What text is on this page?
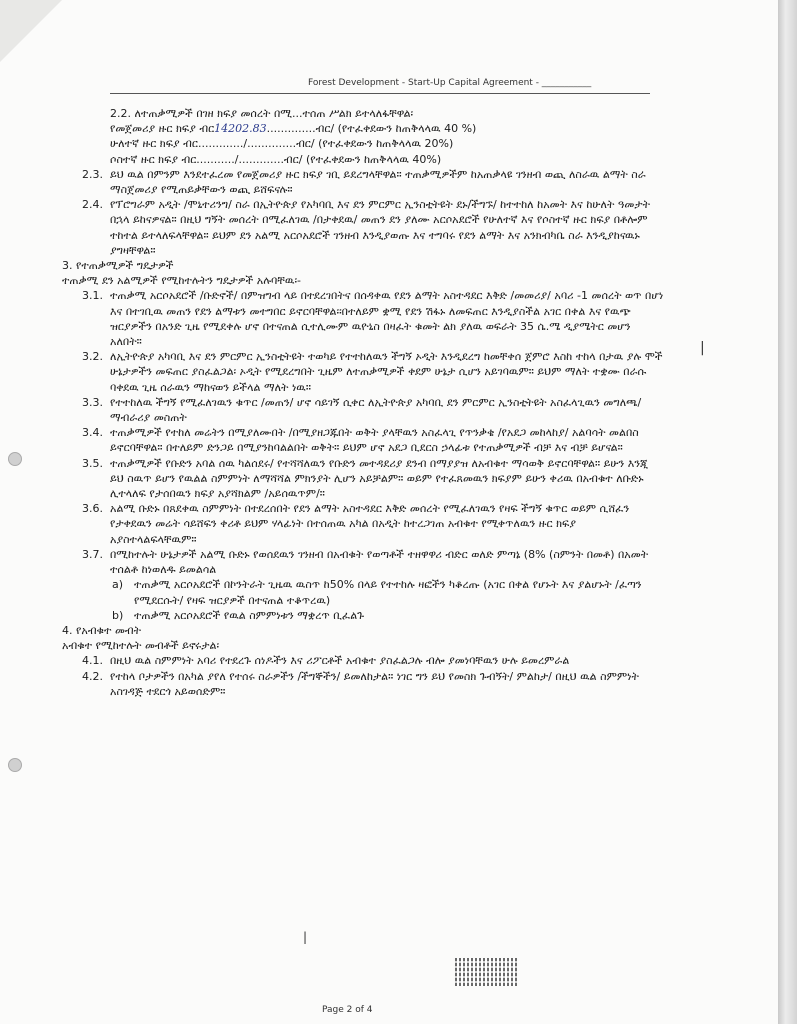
Forest Development - Start-Up Capital Agreement - ___________

2.2. ለተጠቃሚዎች በገዘ ክፍያ መሰረት በሚ...ተሰጠ ሥልክ ይተላለፋቸዋል፡

የመጀመሪያ ዙር ክፍያ ብር14202.83..............ብር/ (የተፈቀደውን ከጠቅላላዉ 40 %)

ሁለተኛ ዙር ክፍያ ብር............./..............ብር/ (የተፈቀደውን ከጠቅላላዉ 20%)

ሶስተኛ ዙር ክፍያ ብር.........../.............ብር/ (የተፈቀደውን ከጠቅላላዉ 40%)

2.3. ይህ ዉል በምንም እንደተፈረመ የመጀመሪያ ዙር ክፍያ ገቢ ይደረግላቸዋል። ተጠቃሚዎችም ከአጠቃላዩ ገንዘብ ወጪ ለስራዉ ልማት ስራ ማስጀመሪያ የሚጠይቃቸውን ወጪ ይሸፍናሉ።

2.4. የፕሮግራም አዲት /ሞኒተሪንግ/ ስራ በኢትዮጵያ የአካባቢ እና ደን ምርምር ኢንስቲትዩት ደኑ/ችግኙ/ ከተተከለ ከአመት እና ከሁለት ዓመታት በኋላ ይከናዎናል። በዚህ ግኝት መሰረት በሚፈለገዉ /በታቀደዉ/ መጠን ደን ያለሙ አርሶአደሮች የሁለተኛ እና የሶስተኛ ዙር ክፍያ በቶሎም ተከተል ይተላለፍላቸዋል። ይህም ደን አልሚ አርሶአደሮች ገንዘብ እንዲያወጡ እና ተግባሩ የደን ልማት እና አንክብካቤ ስራ እንዲያከናዉኑ ያግዛቸዋል።

3. የተጠቃሚዎች ግዴታዎች

ተጠቃሚ ደን አልሚዎች የሚከተሉትን ግዴታዎች አሉባቸዉ፡-

3.1. ተጠቃሚ አርሶአደሮች /ቡድኖች/ በምዝግብ ላይ በተደረገበትና በሰዳቀዉ የደን ልማት አስተዳደር እቅድ /መመሪያ/ አባሪ -1 መሰረት ወጥ በሆነ እና በተገቢዉ መጠን የደን ልማቱን መተግበር ይኖርባቸዋል፡፡በተለይም ቋሚ የደን ሽፋኑ ለመፍጠር እንዲያስችል አገር በቀል እና የዉጭ ዝርያዎችን በአንድ ጊዜ የሚደቀሉ ሆኖ በተናጠል ሲተሊሙም ዉዮኒስ በዛፈት ቁመት ልክ ያለዉ ወፍራት 35 ሴ.ሜ ዲያሜትር መሆን አለበት።

3.2. ለኢትዮጵያ አካባቢ እና ደን ምርምር ኢንስቲትዩት ተወካይ የተተከለዉን ችግኝ ኦዲት እንዲደረግ ከመቸቀሰ ጀምሮ እስከ ተከላ በታዉ ያሉ ሞች ሁኔታዎችን መፍጠር ያስፈልጋል፡ ኦዲት የሚደረግበት ጊዜም ለተጠቃሚዎች ቀደም ሁኔታ ሲሆን አይገባዉም። ይህም ማለት ተቋሙ በራሱ ባቀደዉ ጊዜ ሰራዉን ማከናወን ይችላል ማለት ነዉ።

3.3. የተተከለዉ ችግኝ የሚፈለገዉን ቁጥር /መጠን/ ሆኖ ሳይገኝ ሲቀር ለኢትዮጵያ አካባቢ ደን ምርምር ኢንስቲትዩት አስፈላጊዉን መግለጫ/ማብራሪያ መስጠት

3.4. ተጠቃሚዎች የተከለ መሬትን በሚያለሙበት /በሚያዘጋጁበት ወቅት ያላቸዉን አስፈላጊ የጥንቃቄ /የአደጋ መከላከያ/ አልባሳት መልበስ ይኖርባቸዋል። በተለይም ድንጋይ በሚያንከባልልበት ወቅት። ይህም ሆኖ አደጋ ቢደርስ ኃላፊቱ የተጠቃሚዎች ብቻ እና ብቻ ይሆናል።

3.5. ተጠቃሚዎች የቡድን አባል ሰዉ ካልሰደሩ/ የተሻሻለዉን የቡድን መተዳደሪያ ደንብ በማያያዝ ለአብቁተ ማሳወቅ ይኖርባቸዋል። ይሁን እንጂ ይህ ስዉጥ ይሆን የዉልል ስምምነት ለማሻሻል ምክንያት ሊሆን አይቻልም። ወይም የተፈጸመዉን ክፍያም ይሁን ቀሪዉ በአብቁተ ለቡድኑ ሊተላለፍ የታሰበዉን ክፍያ አያሻክልም /አይሰዉጥም/።

3.6. አልሚ ቡድኑ በጸደቀዉ ስምምነት በተደረሰበት የደን ልማት አስተዳደር እቅድ መሰረት የሚፈለገዉን የዛፍ ችግኝ ቁጥር ወይም ሲሸፈን የታቀደዉን መሬት ሳይሸፍን ቀሪቶ ይህም ሃላፊነት በተሰጠዉ አካል በአዲት ከተረጋገጠ አብቁተ የሚቀጥለዉን ዙር ክፍያ አያስተላልፍላቸዉም።

3.7. በሚከተሉት ሁኔታዎች አልሚ ቡድኑ የወሰደዉን ገንዘብ በአብቁት የወጣቶች ተዘዋዋሪ ብድር ወለድ ምጣኔ (8% (ስምንት በመቶ) በአመት ተሰልቶ ከነወለዱ ይመልሳል

a) ተጠቃሚ አርሶአደሮች በኮንትራት ጊዜዉ ዉስጥ ከ50% በላይ የተተከሉ ዛፎችን ካቆረጡ (አገር በቀል የሆኑት እና ያልሆኑት /ፈጣን የሚደርሱት/ የዛፍ ዝርያዎች በተናጠል ተቆጥረዉ)

b) ተጠቃሚ አርሶአደሮች የዉል ስምምነቱን ማቋረጥ ቢፈልጉ

4. የአብቁተ መብት

አብቁተ የሚከተሉት መብቶች ይኖሩታል፡

4.1. በዚህ ዉል ስምምነት አባሪ የተደረጉ ሰነዶችን እና ሪፖርቶች አብቁተ ያስፈልጋሉ ብሎ ያመነባቸዉን ሁሉ ይመረምራል

4.2. የተከላ ቦታዎችን በአካል ያየለ የተሰሩ ስራዎችን /ችግኞችን/ ይመለከታል። ነገር ግን ይህ የመስክ ጉብኝት/ ምልከታ/ በዚህ ዉል ስምምነት አስገዳጅ ተደርጎ አይወሰድም።

|
|
Page 2 of 4
